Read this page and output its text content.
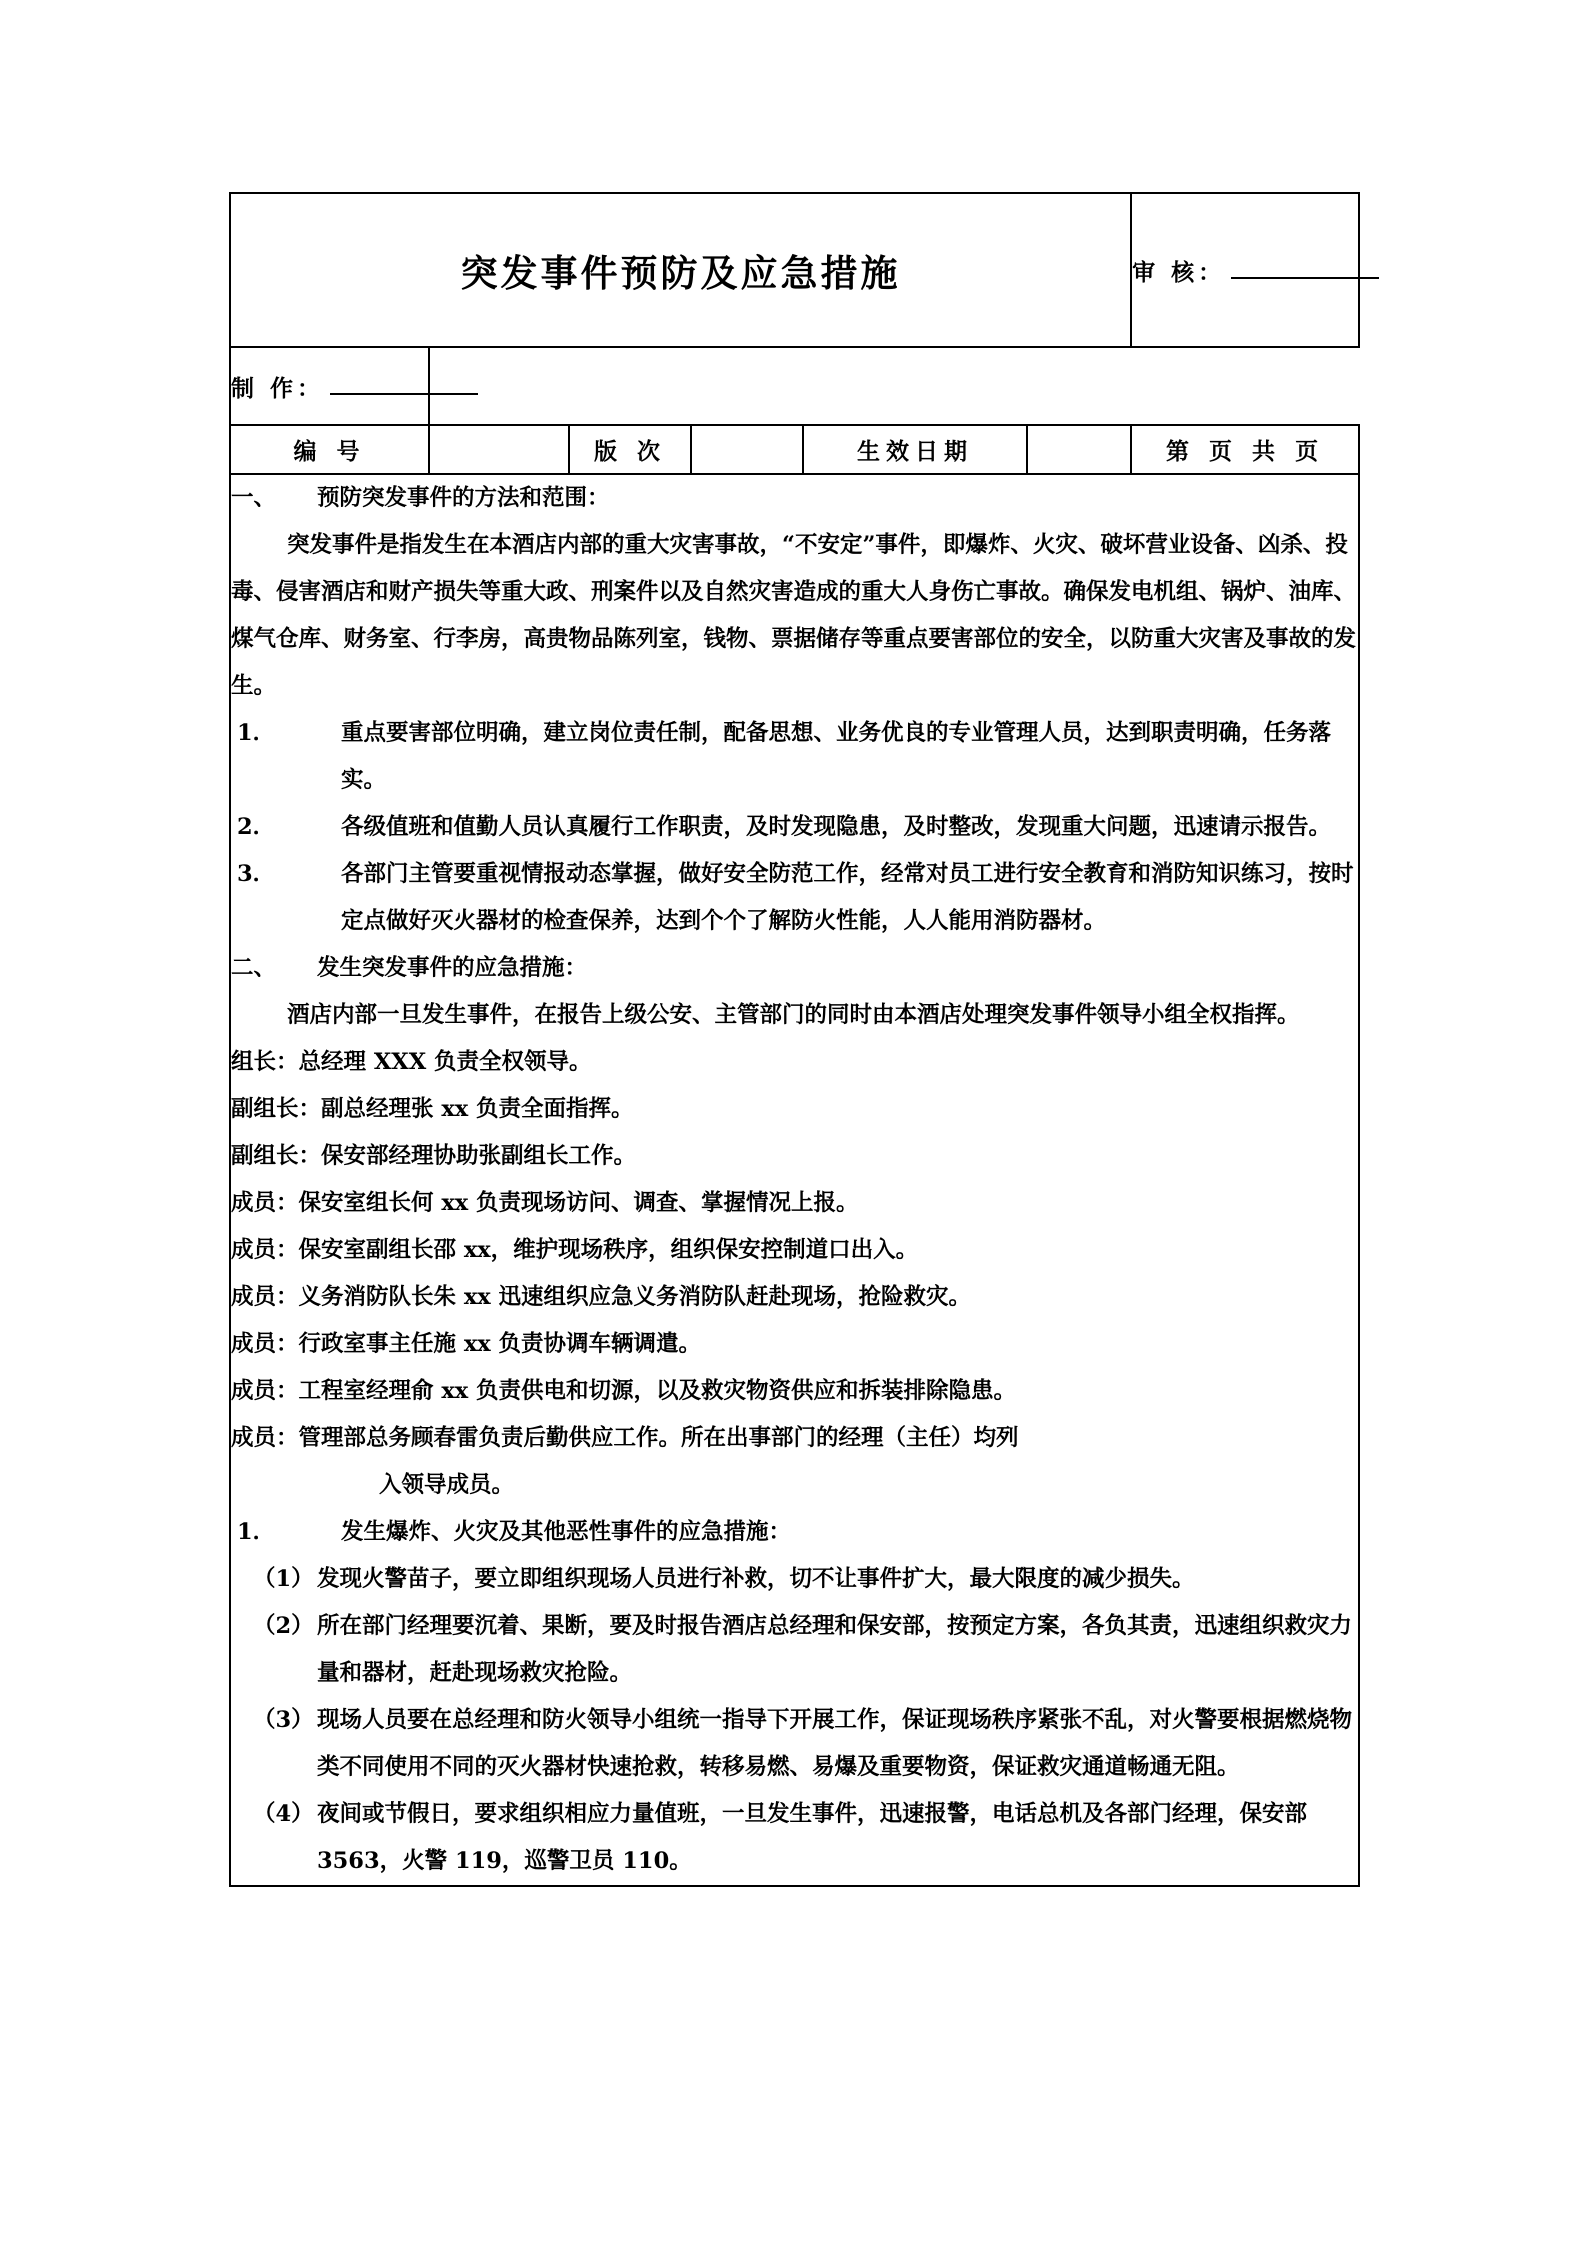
突发事件预防及应急措施						审 核：
制 作：						
编 号		版 次		生效日期		第 页 共 页

一、	预防突发事件的方法和范围：
突发事件是指发生在本酒店内部的重大灾害事故，“不安定”事件，即爆炸、火灾、破坏营业设备、凶杀、投毒、侵害酒店和财产损失等重大政、刑案件以及自然灾害造成的重大人身伤亡事故。确保发电机组、锅炉、油库、煤气仓库、财务室、行李房，高贵物品陈列室，钱物、票据储存等重点要害部位的安全，以防重大灾害及事故的发生。
1．	重点要害部位明确，建立岗位责任制，配备思想、业务优良的专业管理人员，达到职责明确，任务落实。
2．	各级值班和值勤人员认真履行工作职责，及时发现隐患，及时整改，发现重大问题，迅速请示报告。
3．	各部门主管要重视情报动态掌握，做好安全防范工作，经常对员工进行安全教育和消防知识练习，按时定点做好灭火器材的检查保养，达到个个了解防火性能，人人能用消防器材。
二、	发生突发事件的应急措施：
酒店内部一旦发生事件，在报告上级公安、主管部门的同时由本酒店处理突发事件领导小组全权指挥。
组长：总经理 XXX 负责全权领导。
副组长：副总经理张 xx 负责全面指挥。
副组长：保安部经理协助张副组长工作。
成员：保安室组长何 xx 负责现场访问、调查、掌握情况上报。
成员：保安室副组长邵 xx，维护现场秩序，组织保安控制道口出入。
成员：义务消防队长朱 xx 迅速组织应急义务消防队赶赴现场，抢险救灾。
成员：行政室事主任施 xx 负责协调车辆调遣。
成员：工程室经理俞 xx 负责供电和切源，以及救灾物资供应和拆装排除隐患。
成员：管理部总务顾春雷负责后勤供应工作。所在出事部门的经理（主任）均列
入领导成员。
1．	发生爆炸、火灾及其他恶性事件的应急措施：
（1） 发现火警苗子，要立即组织现场人员进行补救，切不让事件扩大，最大限度的减少损失。
（2） 所在部门经理要沉着、果断，要及时报告酒店总经理和保安部，按预定方案，各负其责，迅速组织救灾力量和器材，赶赴现场救灾抢险。
（3） 现场人员要在总经理和防火领导小组统一指导下开展工作，保证现场秩序紧张不乱，对火警要根据燃烧物类不同使用不同的灭火器材快速抢救，转移易燃、易爆及重要物资，保证救灾通道畅通无阻。
（4） 夜间或节假日，要求组织相应力量值班，一旦发生事件，迅速报警，电话总机及各部门经理，保安部 3563，火警 119，巡警卫员 110。
